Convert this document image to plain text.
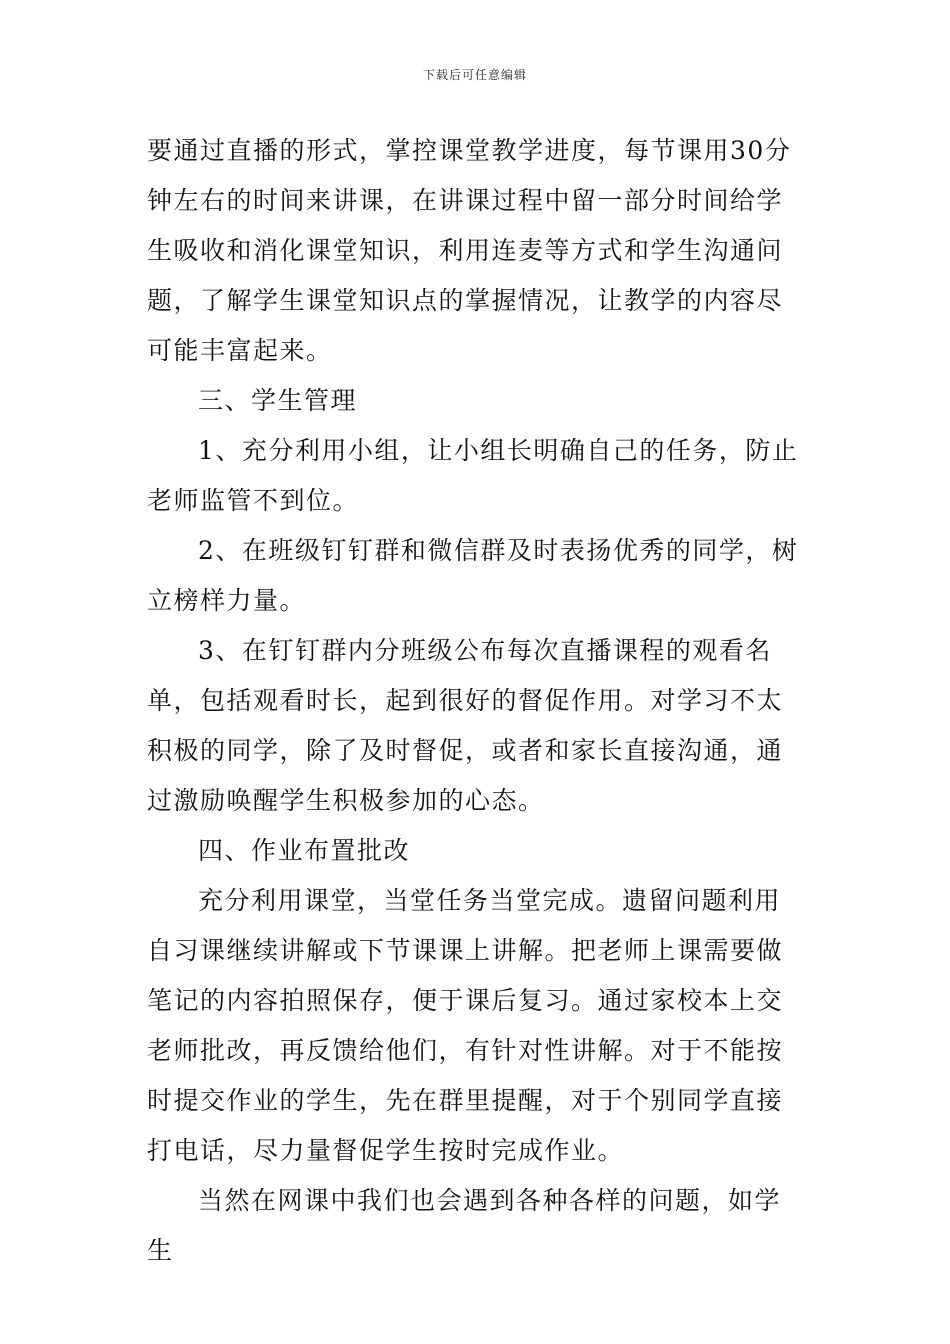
下载后可任意编辑

要通过直播的形式，掌控课堂教学进度，每节课用30分钟左右的时间来讲课，在讲课过程中留一部分时间给学生吸收和消化课堂知识，利用连麦等方式和学生沟通问题，了解学生课堂知识点的掌握情况，让教学的内容尽可能丰富起来。

三、学生管理

1、充分利用小组，让小组长明确自己的任务，防止老师监管不到位。

2、在班级钉钉群和微信群及时表扬优秀的同学，树立榜样力量。

3、在钉钉群内分班级公布每次直播课程的观看名单，包括观看时长，起到很好的督促作用。对学习不太积极的同学，除了及时督促，或者和家长直接沟通，通过激励唤醒学生积极参加的心态。

四、作业布置批改

充分利用课堂，当堂任务当堂完成。遗留问题利用自习课继续讲解或下节课课上讲解。把老师上课需要做笔记的内容拍照保存，便于课后复习。通过家校本上交老师批改，再反馈给他们，有针对性讲解。对于不能按时提交作业的学生，先在群里提醒，对于个别同学直接打电话，尽力量督促学生按时完成作业。

当然在网课中我们也会遇到各种各样的问题，如学生
